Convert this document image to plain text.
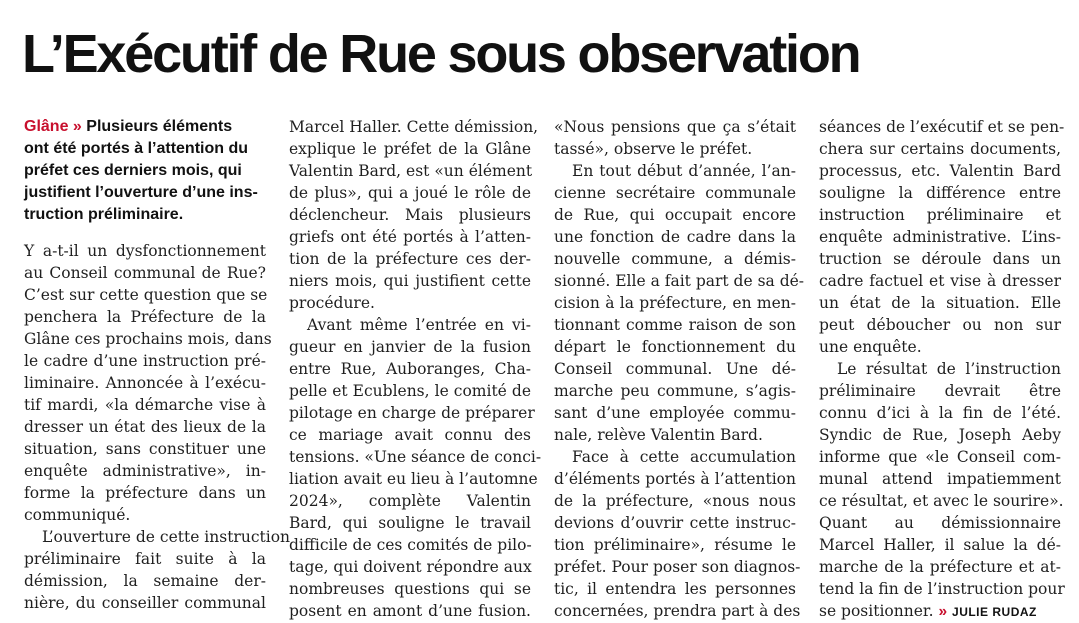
L’Exécutif de Rue sous observation
Glâne » Plusieurs éléments
ont été portés à l’attention du
préfet ces derniers mois, qui
justifient l’ouverture d’une ins-
truction préliminaire.
Y a-t-il un dysfonctionnement
au Conseil communal de Rue?
C’est sur cette question que se
penchera la Préfecture de la
Glâne ces prochains mois, dans
le cadre d’une instruction pré-
liminaire. Annoncée à l’exécu-
tif mardi, «la démarche vise à
dresser un état des lieux de la
situation, sans constituer une
enquête administrative», in-
forme la préfecture dans un
communiqué.
L’ouverture de cette instruction
préliminaire fait suite à la
démission, la semaine der-
nière, du conseiller communal
Marcel Haller. Cette démission,
explique le préfet de la Glâne
Valentin Bard, est «un élément
de plus», qui a joué le rôle de
déclencheur. Mais plusieurs
griefs ont été portés à l’atten-
tion de la préfecture ces der-
niers mois, qui justifient cette
procédure.
Avant même l’entrée en vi-
gueur en janvier de la fusion
entre Rue, Auboranges, Cha-
pelle et Ecublens, le comité de
pilotage en charge de préparer
ce mariage avait connu des
tensions. «Une séance de conci-
liation avait eu lieu à l’automne
2024», complète Valentin
Bard, qui souligne le travail
difficile de ces comités de pilo-
tage, qui doivent répondre aux
nombreuses questions qui se
posent en amont d’une fusion.
«Nous pensions que ça s’était
tassé», observe le préfet.
En tout début d’année, l’an-
cienne secrétaire communale
de Rue, qui occupait encore
une fonction de cadre dans la
nouvelle commune, a démis-
sionné. Elle a fait part de sa dé-
cision à la préfecture, en men-
tionnant comme raison de son
départ le fonctionnement du
Conseil communal. Une dé-
marche peu commune, s’agis-
sant d’une employée commu-
nale, relève Valentin Bard.
Face à cette accumulation
d’éléments portés à l’attention
de la préfecture, «nous nous
devions d’ouvrir cette instruc-
tion préliminaire», résume le
préfet. Pour poser son diagnos-
tic, il entendra les personnes
concernées, prendra part à des
séances de l’exécutif et se pen-
chera sur certains documents,
processus, etc. Valentin Bard
souligne la différence entre
instruction préliminaire et
enquête administrative. L’ins-
truction se déroule dans un
cadre factuel et vise à dresser
un état de la situation. Elle
peut déboucher ou non sur
une enquête.
Le résultat de l’instruction
préliminaire devrait être
connu d’ici à la fin de l’été.
Syndic de Rue, Joseph Aeby
informe que «le Conseil com-
munal attend impatiemment
ce résultat, et avec le sourire».
Quant au démissionnaire
Marcel Haller, il salue la dé-
marche de la préfecture et at-
tend la fin de l’instruction pour
se positionner. » JULIE RUDAZ
